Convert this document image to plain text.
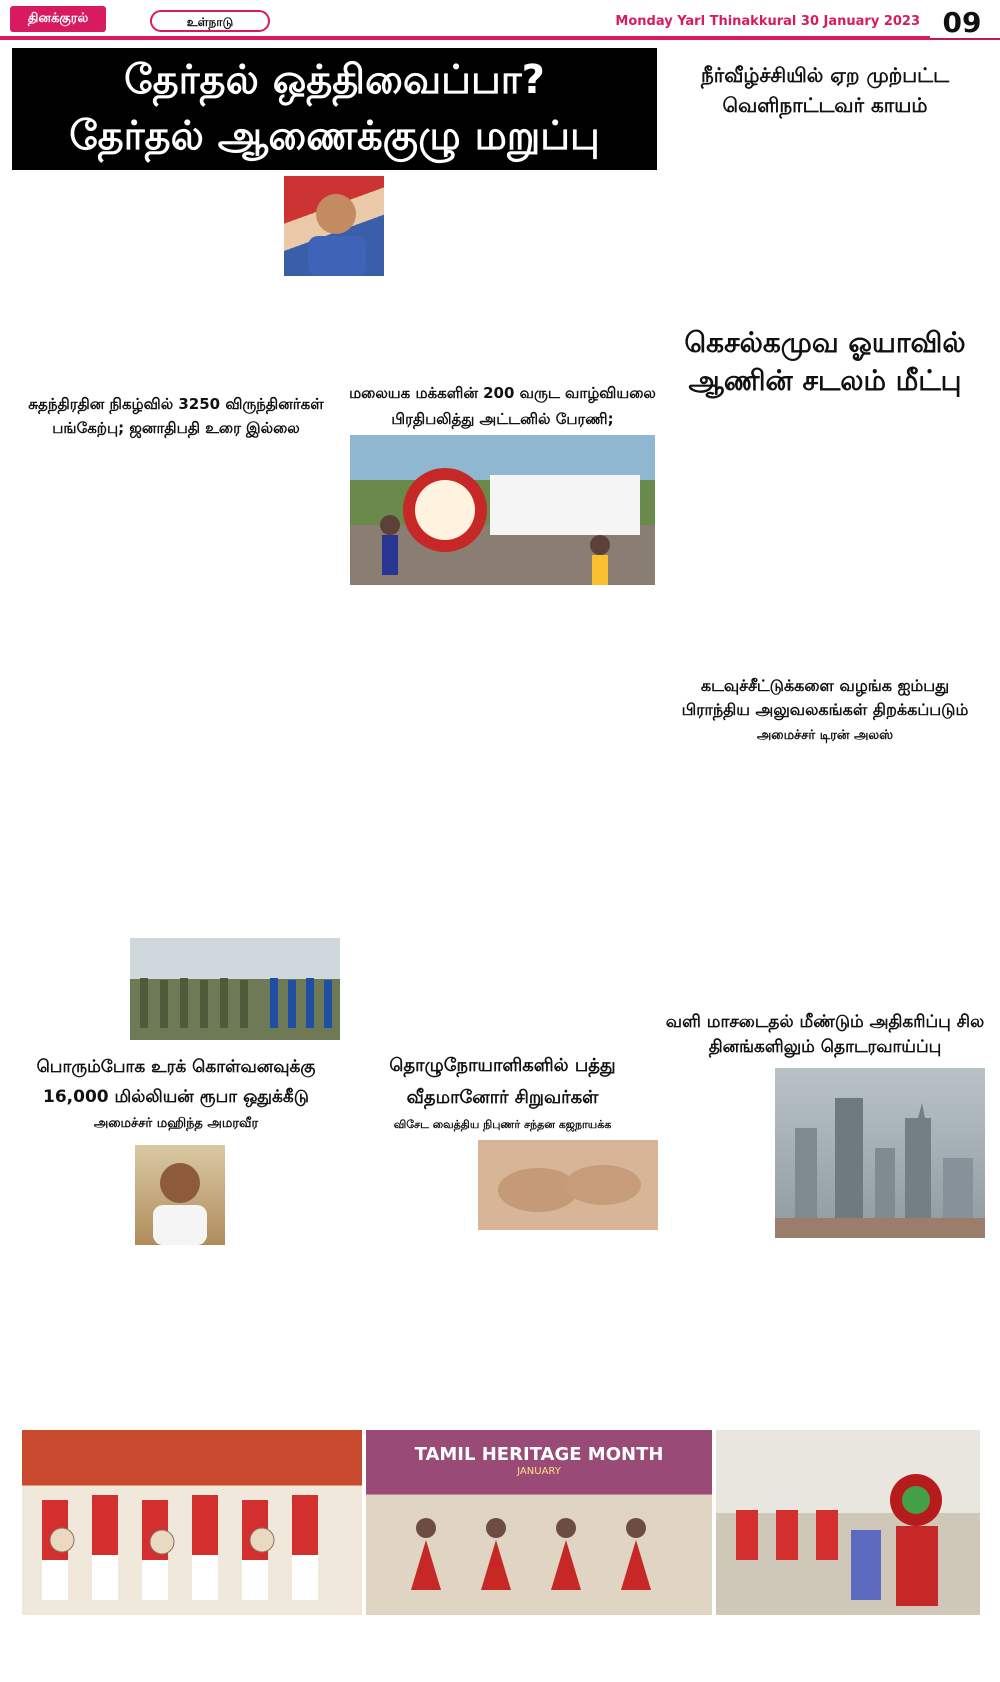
தினக்குரல்	உள்நாடு	Monday Yarl Thinakkural 30 January 2023 09
தேர்தல் ஒத்திவைப்பா?
தேர்தல் ஆணைக்குழு மறுப்பு
நீர்வீழ்ச்சியில் ஏற முற்பட்ட வெளிநாட்டவர் காயம்
கெசல்கமுவ ஓயாவில் ஆணின் சடலம் மீட்பு
கடவுச்சீட்டுக்களை வழங்க ஐம்பது பிராந்திய அலுவலகங்கள் திறக்கப்படும்
அமைச்சர் டிரன் அலஸ்
வளி மாசடைதல் மீண்டும் அதிகரிப்பு சில தினங்களிலும் தொடரவாய்ப்பு
சுதந்திரதின நிகழ்வில் 3250 விருந்தினர்கள் பங்கேற்பு; ஜனாதிபதி உரை இல்லை
மலையக மக்களின் 200 வருட வாழ்வியலை பிரதிபலித்து அட்டனில் பேரணி;
பொரும்போக உரக் கொள்வனவுக்கு 16,000 மில்லியன் ரூபா ஒதுக்கீடு
அமைச்சர் மஹிந்த அமரவீர
தொழுநோயாளிகளில் பத்து வீதமானோர் சிறுவர்கள்
விசேட வைத்திய நிபுணர் சந்தன கஜநாயக்க
TAMIL HERITAGE MONTH
JANUARY
